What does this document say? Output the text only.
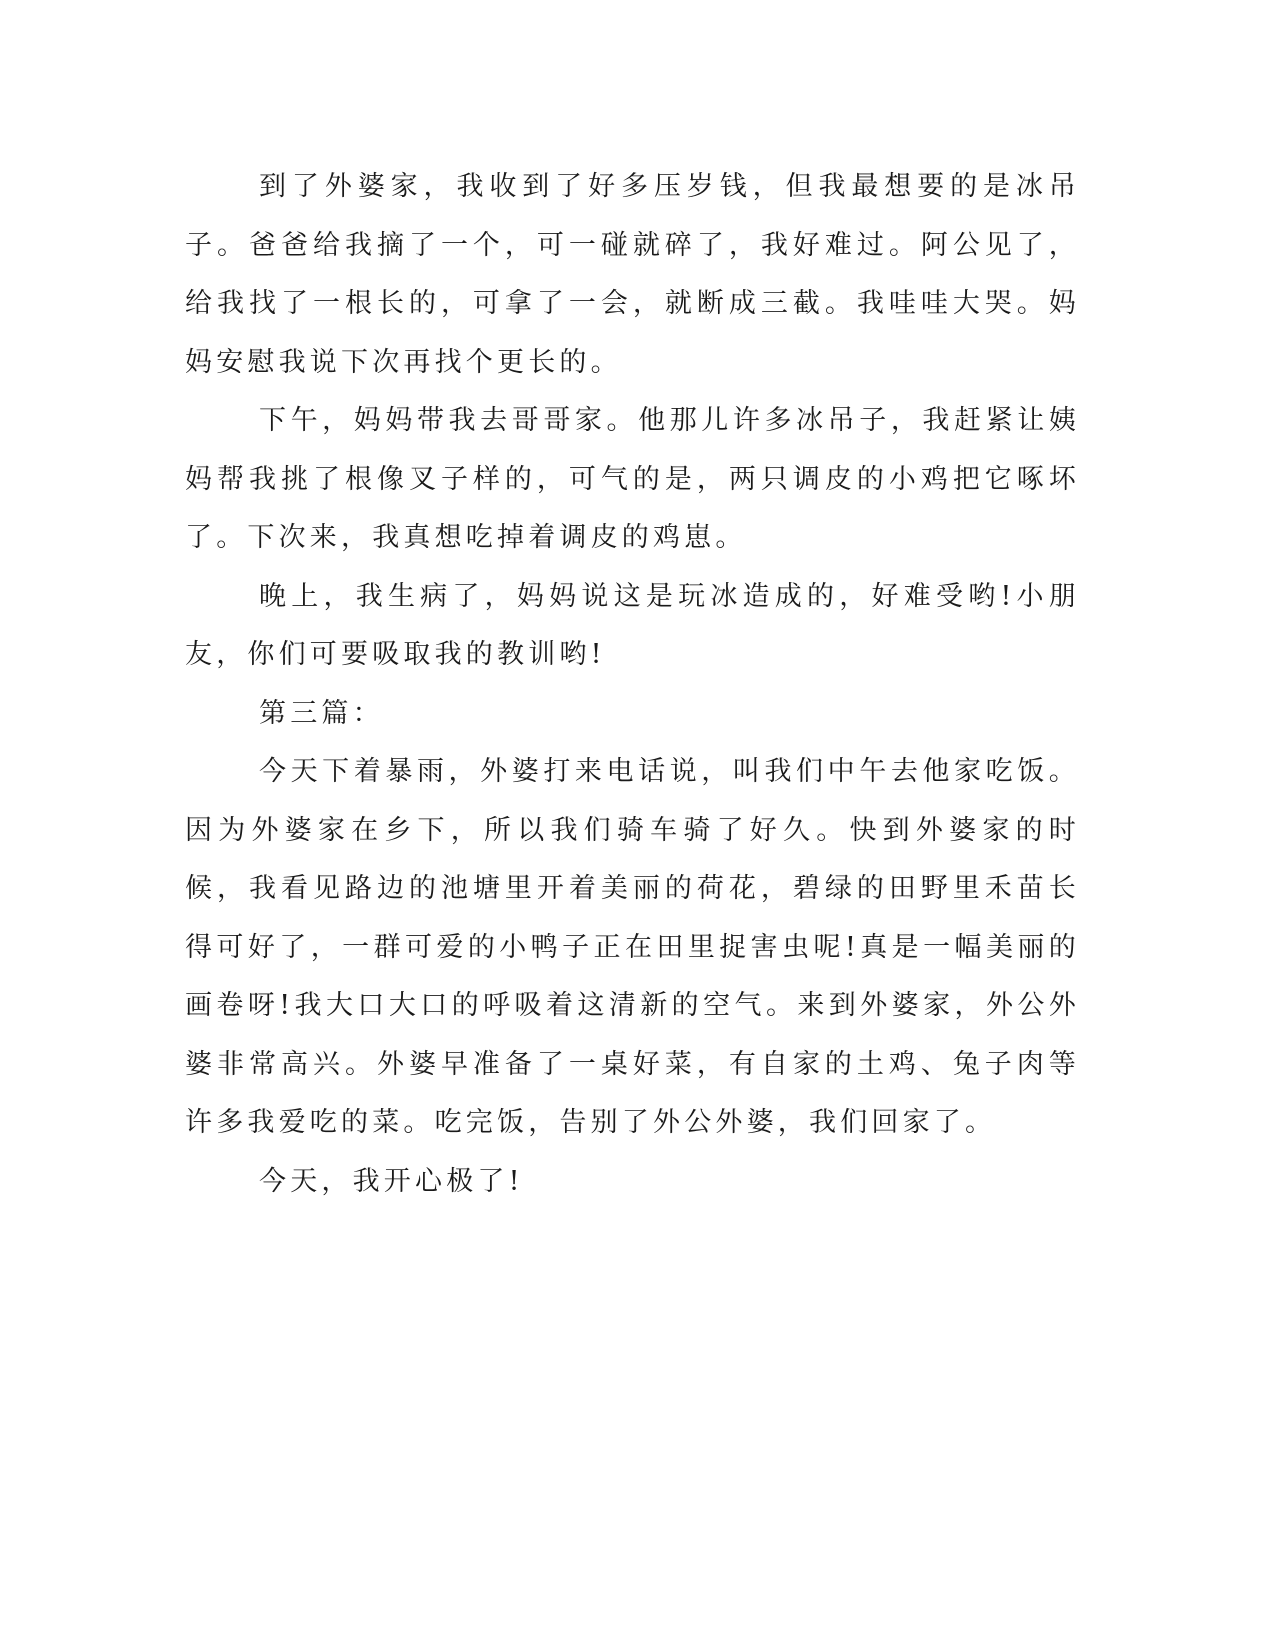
到了外婆家，我收到了好多压岁钱，但我最想要的是冰吊子。爸爸给我摘了一个，可一碰就碎了，我好难过。阿公见了，给我找了一根长的，可拿了一会，就断成三截。我哇哇大哭。妈妈安慰我说下次再找个更长的。

下午，妈妈带我去哥哥家。他那儿许多冰吊子，我赶紧让姨妈帮我挑了根像叉子样的，可气的是，两只调皮的小鸡把它啄坏了。下次来，我真想吃掉着调皮的鸡崽。

晚上，我生病了，妈妈说这是玩冰造成的，好难受哟!小朋友，你们可要吸取我的教训哟!

第三篇：

今天下着暴雨，外婆打来电话说，叫我们中午去他家吃饭。因为外婆家在乡下，所以我们骑车骑了好久。快到外婆家的时候，我看见路边的池塘里开着美丽的荷花，碧绿的田野里禾苗长得可好了，一群可爱的小鸭子正在田里捉害虫呢!真是一幅美丽的画卷呀!我大口大口的呼吸着这清新的空气。来到外婆家，外公外婆非常高兴。外婆早准备了一桌好菜，有自家的土鸡、兔子肉等许多我爱吃的菜。吃完饭，告别了外公外婆，我们回家了。

今天，我开心极了!
